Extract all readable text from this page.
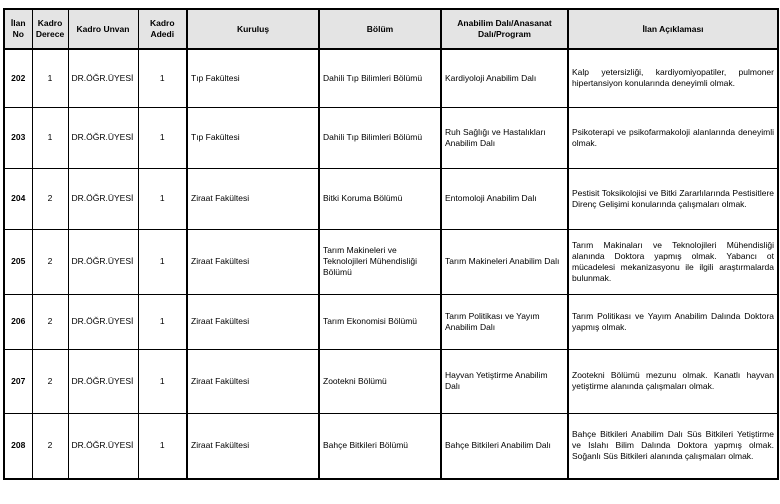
İlan No	Kadro Derece	Kadro Unvan	Kadro Adedi	Kuruluş	Bölüm	Anabilim Dalı/Anasanat Dalı/Program	İlan Açıklaması
202	1	DR.ÖĞR.ÜYESİ	1	Tıp Fakültesi	Dahili Tıp Bilimleri Bölümü	Kardiyoloji Anabilim Dalı	Kalp yetersizliği, kardiyomiyopatiler, pulmoner hipertansiyon konularında deneyimli olmak.
203	1	DR.ÖĞR.ÜYESİ	1	Tıp Fakültesi	Dahili Tıp Bilimleri Bölümü	Ruh Sağlığı ve Hastalıkları Anabilim Dalı	Psikoterapi ve psikofarmakoloji alanlarında deneyimli olmak.
204	2	DR.ÖĞR.ÜYESİ	1	Ziraat Fakültesi	Bitki Koruma Bölümü	Entomoloji Anabilim Dalı	Pestisit Toksikolojisi ve Bitki Zararlılarında Pestisitlere Direnç Gelişimi konularında çalışmaları olmak.
205	2	DR.ÖĞR.ÜYESİ	1	Ziraat Fakültesi	Tarım Makineleri ve Teknolojileri Mühendisliği Bölümü	Tarım Makineleri Anabilim Dalı	Tarım Makinaları ve Teknolojileri Mühendisliği alanında Doktora yapmış olmak. Yabancı ot mücadelesi mekanizasyonu ile ilgili araştırmalarda bulunmak.
206	2	DR.ÖĞR.ÜYESİ	1	Ziraat Fakültesi	Tarım Ekonomisi Bölümü	Tarım Politikası ve Yayım Anabilim Dalı	Tarım Politikası ve Yayım Anabilim Dalında Doktora yapmış olmak.
207	2	DR.ÖĞR.ÜYESİ	1	Ziraat Fakültesi	Zootekni Bölümü	Hayvan Yetiştirme Anabilim Dalı	Zootekni Bölümü mezunu olmak. Kanatlı hayvan yetiştirme alanında çalışmaları olmak.
208	2	DR.ÖĞR.ÜYESİ	1	Ziraat Fakültesi	Bahçe Bitkileri Bölümü	Bahçe Bitkileri Anabilim Dalı	Bahçe Bitkileri Anabilim Dalı Süs Bitkileri Yetiştirme ve Islahı Bilim Dalında Doktora yapmış olmak. Soğanlı Süs Bitkileri alanında çalışmaları olmak.
